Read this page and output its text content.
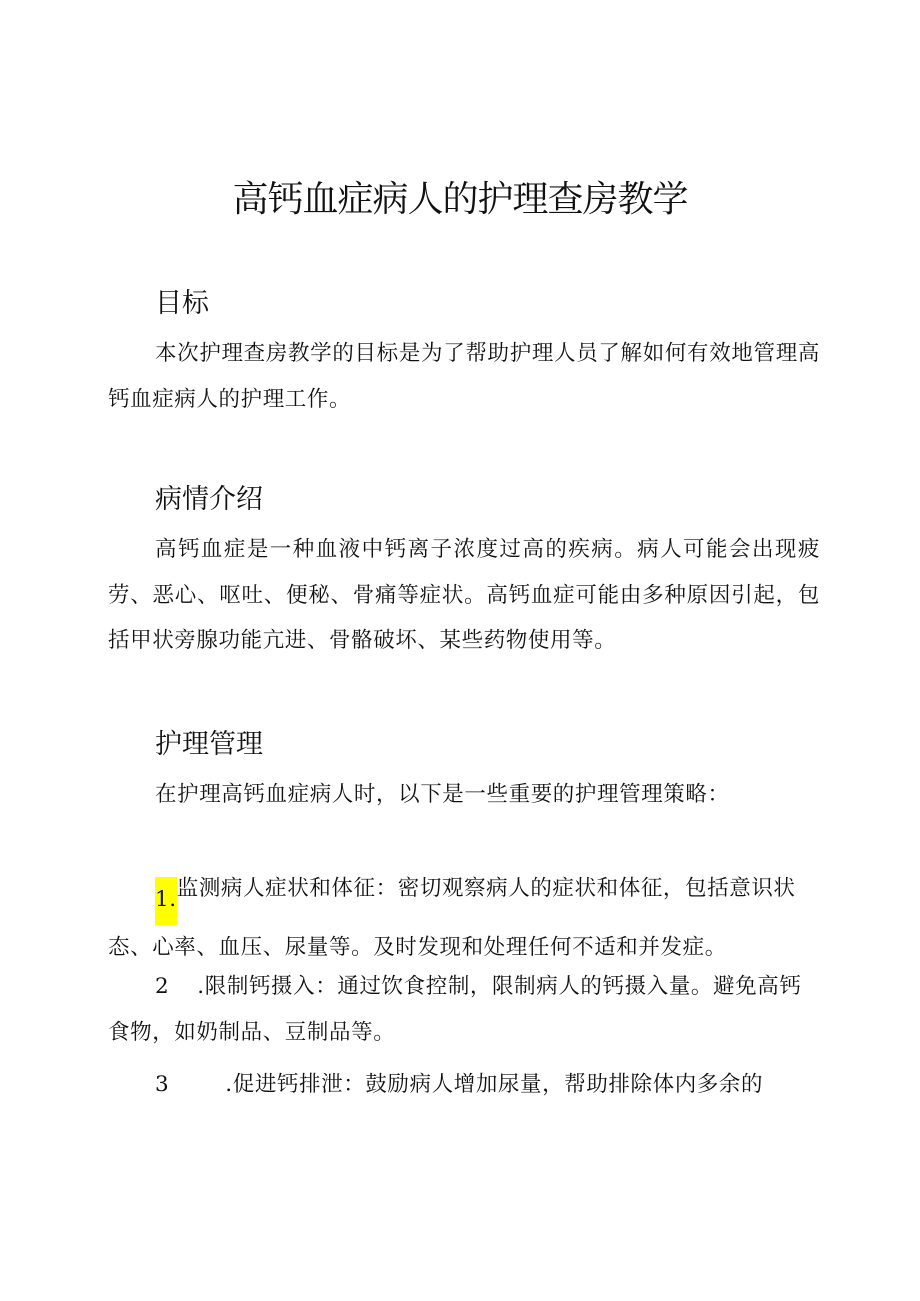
高钙血症病人的护理查房教学
目标

本次护理查房教学的目标是为了帮助护理人员了解如何有效地管理高钙血症病人的护理工作。

病情介绍

高钙血症是一种血液中钙离子浓度过高的疾病。病人可能会出现疲劳、恶心、呕吐、便秘、骨痛等症状。高钙血症可能由多种原因引起，包括甲状旁腺功能亢进、骨骼破坏、某些药物使用等。

护理管理

在护理高钙血症病人时，以下是一些重要的护理管理策略：

1.监测病人症状和体征：密切观察病人的症状和体征，包括意识状
态、心率、血压、尿量等。及时发现和处理任何不适和并发症。
2 .限制钙摄入：通过饮食控制，限制病人的钙摄入量。避免高钙
食物，如奶制品、豆制品等。
3	.促进钙排泄：鼓励病人增加尿量，帮助排除体内多余的
